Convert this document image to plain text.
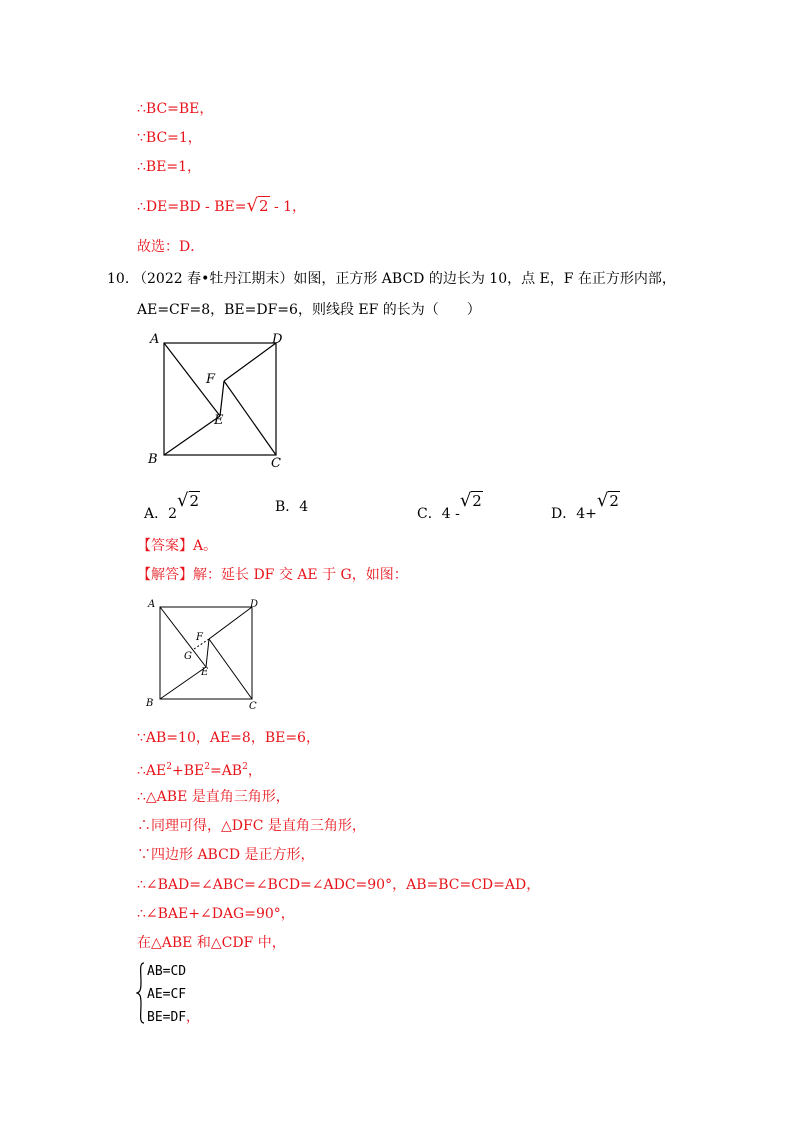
∴BC=BE，
∵BC=1，
∴BE=1，
∴DE=BD - BE=√2 - 1，
故选：D．
10. （2022 春•牡丹江期末）如图，正方形 ABCD 的边长为 10，点 E，F 在正方形内部，
AE=CF=8，BE=DF=6，则线段 EF 的长为（　　）
A
B	C
D
E
F
A．2√2	B．4	C．4 -√2
D．4+√2
【答案】A。
【解答】解：延长 DF 交 AE 于 G，如图：
A
B	C
D
E
F
G
∵AB=10，AE=8，BE=6，
$\therefore AE^2+BE^2=AB^2$，
∴△ABE 是直角三角形，
∴同理可得，△DFC 是直角三角形，
∵四边形 ABCD 是正方形，
∴∠BAD=∠ABC=∠BCD=∠ADC=90°，AB=BC=CD=AD，
∴∠BAE+∠DAG=90°，
在△ABE 和△CDF 中，
AB=CD
AE=CF
BE=DF，
